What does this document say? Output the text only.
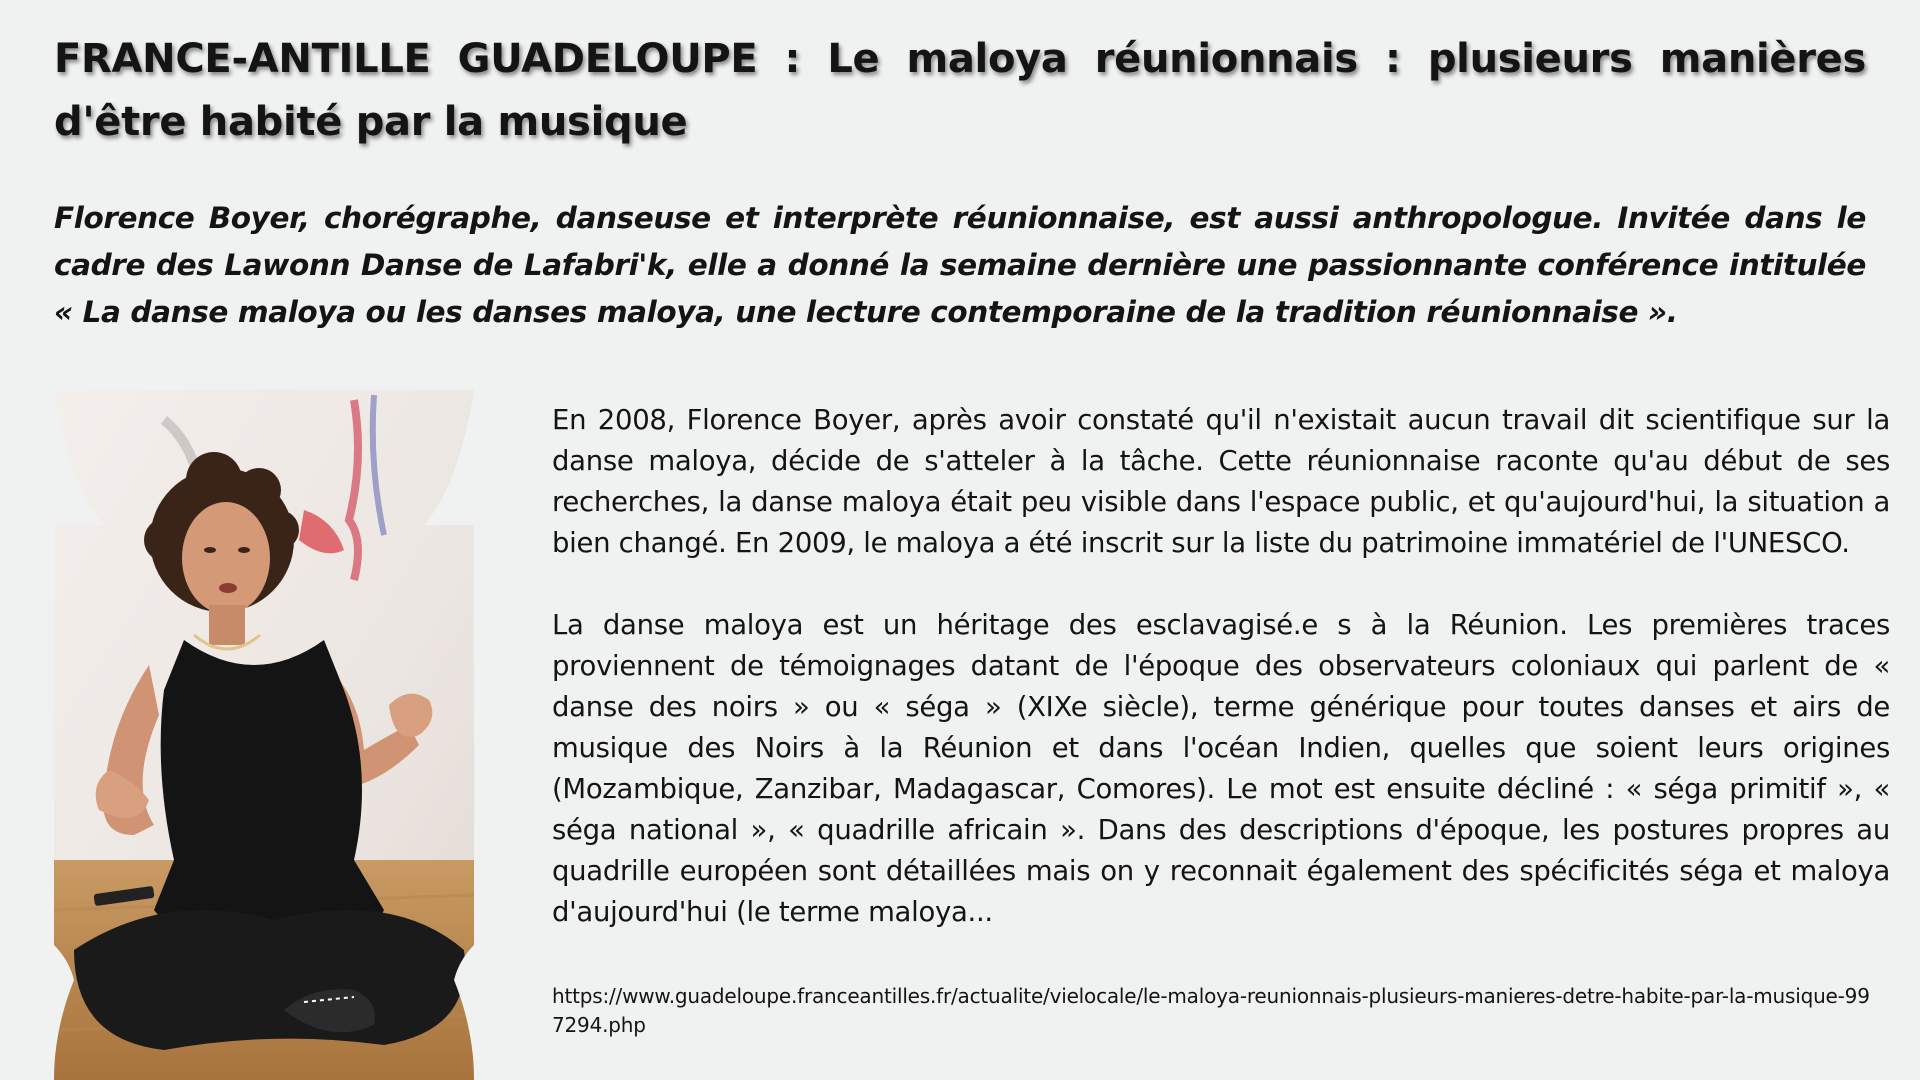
FRANCE-ANTILLE GUADELOUPE : Le maloya réunionnais : plusieurs manières d'être habité par la musique

Florence Boyer, chorégraphe, danseuse et interprète réunionnaise, est aussi anthropologue. Invitée dans le cadre des Lawonn Danse de Lafabri'k, elle a donné la semaine dernière une passionnante conférence intitulée « La danse maloya ou les danses maloya, une lecture contemporaine de la tradition réunionnaise ».

En 2008, Florence Boyer, après avoir constaté qu'il n'existait aucun travail dit scientifique sur la danse maloya, décide de s'atteler à la tâche. Cette réunionnaise raconte qu'au début de ses recherches, la danse maloya était peu visible dans l'espace public, et qu'aujourd'hui, la situation a bien changé. En 2009, le maloya a été inscrit sur la liste du patrimoine immatériel de l'UNESCO.

La danse maloya est un héritage des esclavagisé.e s à la Réunion. Les premières traces proviennent de témoignages datant de l'époque des observateurs coloniaux qui parlent de « danse des noirs » ou « séga » (XIXe siècle), terme générique pour toutes danses et airs de musique des Noirs à la Réunion et dans l'océan Indien, quelles que soient leurs origines (Mozambique, Zanzibar, Madagascar, Comores). Le mot est ensuite décliné : « séga primitif », « séga national », « quadrille africain ». Dans des descriptions d'époque, les postures propres au quadrille européen sont détaillées mais on y reconnait également des spécificités séga et maloya d'aujourd'hui (le terme maloya...

https://www.guadeloupe.franceantilles.fr/actualite/vielocale/le-maloya-reunionnais-plusieurs-manieres-detre-habite-par-la-musique-997294.php
